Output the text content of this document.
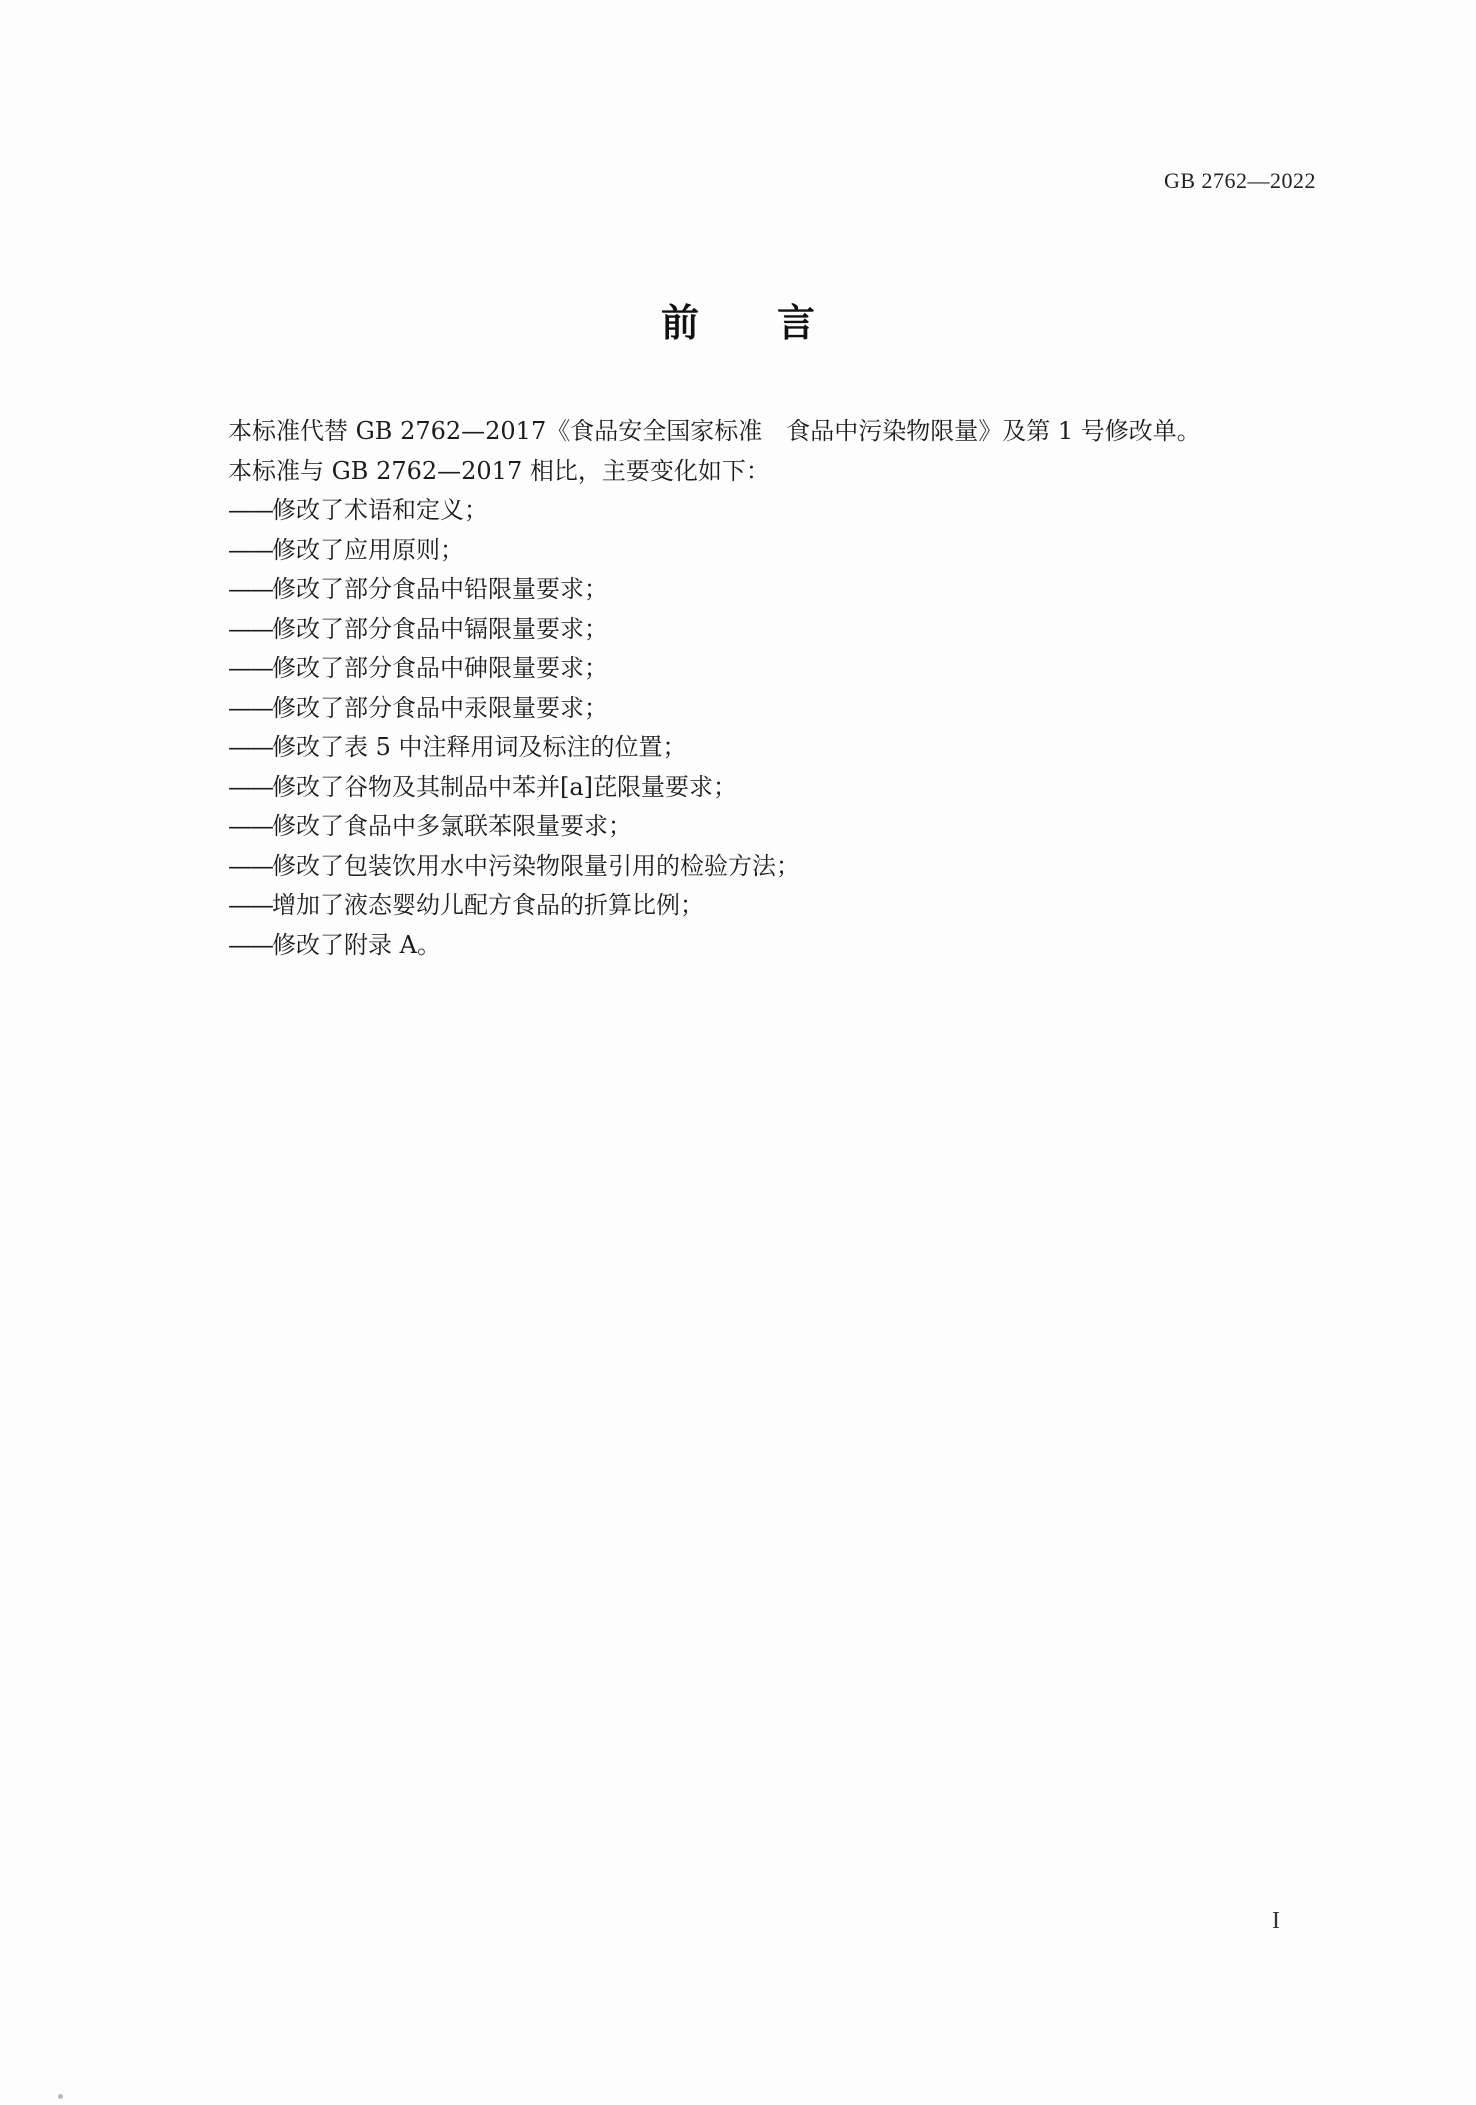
GB 2762—2022
前言

本标准代替 GB 2762—2017《食品安全国家标准　食品中污染物限量》及第 1 号修改单。

本标准与 GB 2762—2017 相比，主要变化如下：

——修改了术语和定义；
——修改了应用原则；
——修改了部分食品中铅限量要求；
——修改了部分食品中镉限量要求；
——修改了部分食品中砷限量要求；
——修改了部分食品中汞限量要求；
——修改了表 5 中注释用词及标注的位置；
——修改了谷物及其制品中苯并[a]芘限量要求；
——修改了食品中多氯联苯限量要求；
——修改了包装饮用水中污染物限量引用的检验方法；
——增加了液态婴幼儿配方食品的折算比例；
——修改了附录 A。
I
